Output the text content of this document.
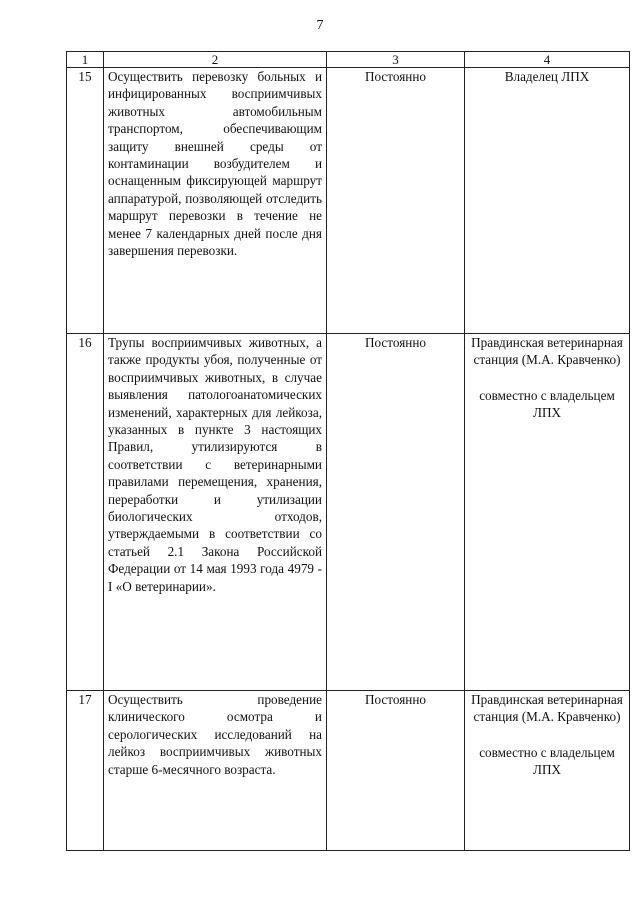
7
1	2	3	4
15	Осуществить перевозку больных и инфицированных восприимчивых животных автомобильным транспортом, обеспечивающим защиту внешней среды от контаминации возбудителем и оснащенным фиксирующей маршрут аппаратурой, позволяющей отследить маршрут перевозки в течение не менее 7 календарных дней после дня завершения перевозки.	Постоянно	Владелец ЛПХ

16	Трупы восприимчивых животных, а также продукты убоя, полученные от восприимчивых животных, в случае выявления патологоанатомических изменений, характерных для лейкоза, указанных в пункте 3 настоящих Правил, утилизируются в соответствии с ветеринарными правилами перемещения, хранения, переработки и утилизации биологических отходов, утверждаемыми в соответствии со статьей 2.1 Закона Российской Федерации от 14 мая 1993 года 4979 - I «О ветеринарии».	Постоянно	Правдинская ветеринарная станция (М.А. Кравченко)
совместно с владельцем ЛПХ

17	Осуществить проведение клинического осмотра и серологических исследований на лейкоз восприимчивых животных старше 6-месячного возраста.	Постоянно	Правдинская ветеринарная станция (М.А. Кравченко)
совместно с владельцем ЛПХ
